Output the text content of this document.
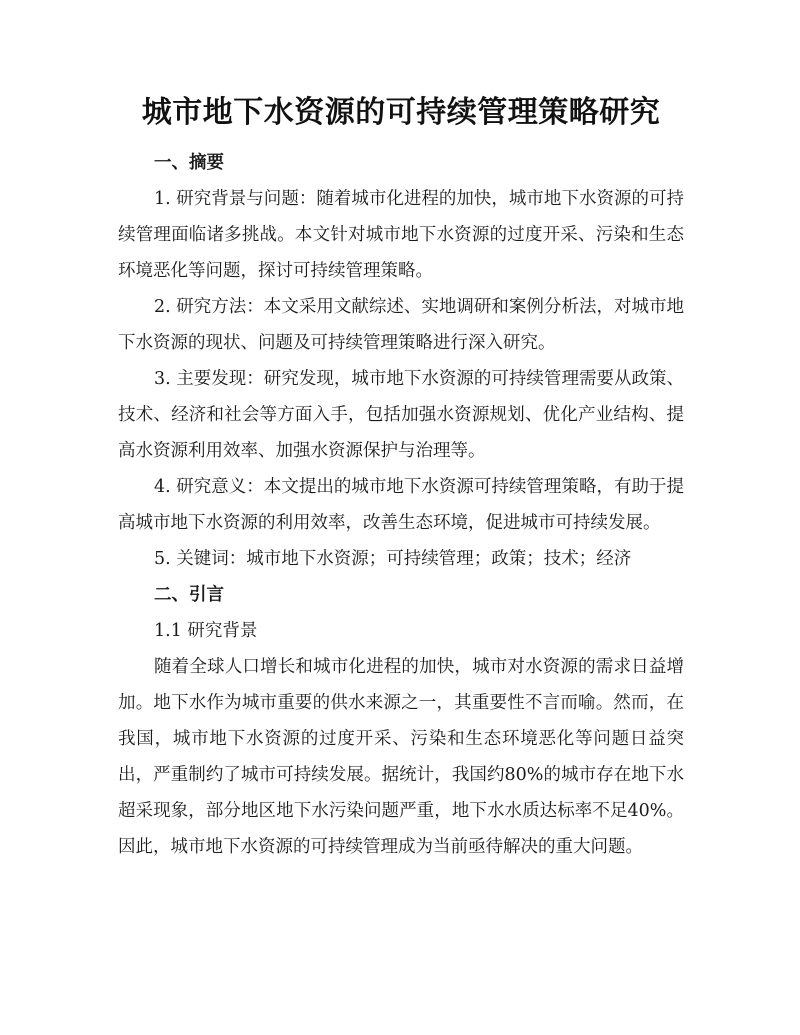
城市地下水资源的可持续管理策略研究
一、摘要

1. 研究背景与问题：随着城市化进程的加快，城市地下水资源的可持续管理面临诸多挑战。本文针对城市地下水资源的过度开采、污染和生态环境恶化等问题，探讨可持续管理策略。

2. 研究方法：本文采用文献综述、实地调研和案例分析法，对城市地下水资源的现状、问题及可持续管理策略进行深入研究。

3. 主要发现：研究发现，城市地下水资源的可持续管理需要从政策、技术、经济和社会等方面入手，包括加强水资源规划、优化产业结构、提高水资源利用效率、加强水资源保护与治理等。

4. 研究意义：本文提出的城市地下水资源可持续管理策略，有助于提高城市地下水资源的利用效率，改善生态环境，促进城市可持续发展。

5. 关键词：城市地下水资源；可持续管理；政策；技术；经济

二、引言

1.1 研究背景

随着全球人口增长和城市化进程的加快，城市对水资源的需求日益增加。地下水作为城市重要的供水来源之一，其重要性不言而喻。然而，在我国，城市地下水资源的过度开采、污染和生态环境恶化等问题日益突出，严重制约了城市可持续发展。据统计，我国约80%的城市存在地下水超采现象，部分地区地下水污染问题严重，地下水水质达标率不足40%。因此，城市地下水资源的可持续管理成为当前亟待解决的重大问题。
